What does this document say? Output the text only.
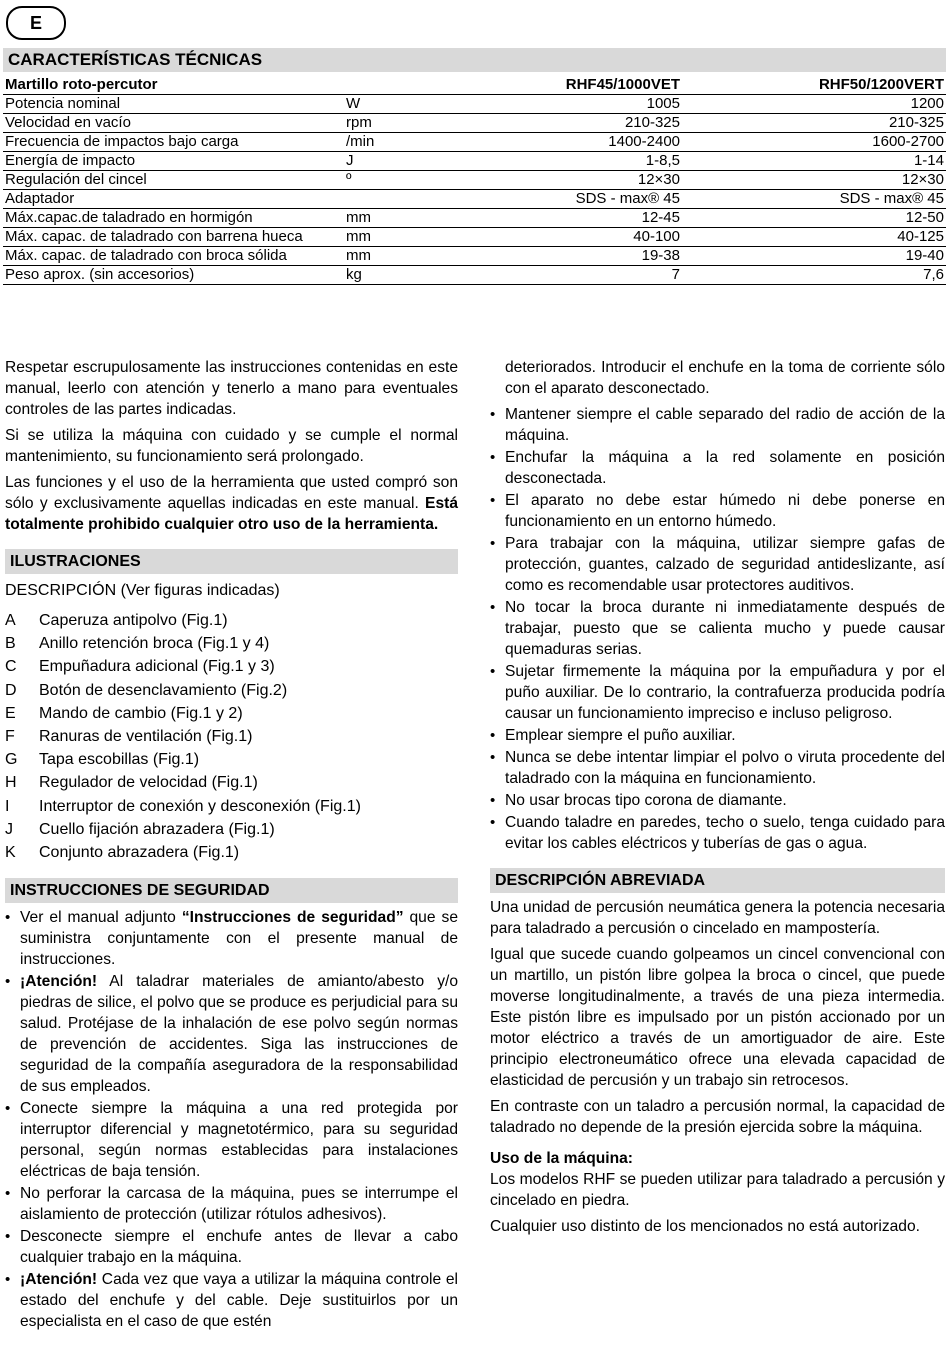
E
CARACTERÍSTICAS TÉCNICAS
Martillo roto-percutor		RHF45/1000VET	RHF50/1200VERT
Potencia nominal	W	1005	1200
Velocidad en vacío	rpm	210-325	210-325
Frecuencia de impactos bajo carga	/min	1400-2400	1600-2700
Energía de impacto	J	1-8,5	1-14
Regulación del cincel	º	12×30	12×30
Adaptador		SDS - max® 45	SDS - max® 45
Máx.capac.de taladrado en hormigón	mm	12-45	12-50
Máx. capac. de taladrado con barrena hueca	mm	40-100	40-125
Máx. capac. de taladrado con broca sólida	mm	19-38	19-40
Peso aprox. (sin accesorios)	kg	7	7,6

Respetar escrupulosamente las instrucciones contenidas en este manual, leerlo con atención y tenerlo a mano para eventuales controles de las partes indicadas.

Si se utiliza la máquina con cuidado y se cumple el normal mantenimiento, su funcionamiento será prolongado.

Las funciones y el uso de la herramienta que usted compró son sólo y exclusivamente aquellas indicadas en este manual. Está totalmente prohibido cualquier otro uso de la herramienta.

ILUSTRACIONES
DESCRIPCIÓN (Ver figuras indicadas)
A	Caperuza antipolvo (Fig.1)
B	Anillo retención broca (Fig.1 y 4)
C	Empuñadura adicional (Fig.1 y 3)
D	Botón de desenclavamiento (Fig.2)
E	Mando de cambio (Fig.1 y 2)
F	Ranuras de ventilación (Fig.1)
G	Tapa escobillas (Fig.1)
H	Regulador de velocidad (Fig.1)
I	Interruptor de conexión y desconexión (Fig.1)
J	Cuello fijación abrazadera (Fig.1)
K	Conjunto abrazadera (Fig.1)
INSTRUCCIONES DE SEGURIDAD
• Ver el manual adjunto “Instrucciones de seguridad” que se suministra conjuntamente con el presente manual de instrucciones.
• ¡Atención! Al taladrar materiales de amianto/abesto y/o piedras de silice, el polvo que se produce es perjudicial para su salud. Protéjase de la inhalación de ese polvo según normas de prevención de accidentes. Siga las instrucciones de seguridad de la compañía aseguradora de la responsabilidad de sus empleados.
• Conecte siempre la máquina a una red protegida por interruptor diferencial y magnetotérmico, para su seguridad personal, según normas establecidas para instalaciones eléctricas de baja tensión.
• No perforar la carcasa de la máquina, pues se interrumpe el aislamiento de protección (utilizar rótulos adhesivos).
• Desconecte siempre el enchufe antes de llevar a cabo cualquier trabajo en la máquina.
• ¡Atención! Cada vez que vaya a utilizar la máquina controle el estado del enchufe y del cable. Deje sustituirlos por un especialista en el caso de que estén

deteriorados. Introducir el enchufe en la toma de corriente sólo con el aparato desconectado.

• Mantener siempre el cable separado del radio de acción de la máquina.
• Enchufar la máquina a la red solamente en posición desconectada.
• El aparato no debe estar húmedo ni debe ponerse en funcionamiento en un entorno húmedo.
• Para trabajar con la máquina, utilizar siempre gafas de protección, guantes, calzado de seguridad antideslizante, así como es recomendable usar protectores auditivos.
• No tocar la broca durante ni inmediatamente después de trabajar, puesto que se calienta mucho y puede causar quemaduras serias.
• Sujetar firmemente la máquina por la empuñadura y por el puño auxiliar. De lo contrario, la contrafuerza producida podría causar un funcionamiento impreciso e incluso peligroso.
• Emplear siempre el puño auxiliar.
• Nunca se debe intentar limpiar el polvo o viruta procedente del taladrado con la máquina en funcionamiento.
• No usar brocas tipo corona de diamante.
• Cuando taladre en paredes, techo o suelo, tenga cuidado para evitar los cables eléctricos y tuberías de gas o agua.
DESCRIPCIÓN ABREVIADA

Una unidad de percusión neumática genera la potencia necesaria para taladrado a percusión o cincelado en mampostería.

Igual que sucede cuando golpeamos un cincel convencional con un martillo, un pistón libre golpea la broca o cincel, que puede moverse longitudinalmente, a través de una pieza intermedia. Este pistón libre es impulsado por un pistón accionado por un motor eléctrico a través de un amortiguador de aire. Este principio electroneumático ofrece una elevada capacidad de elasticidad de percusión y un trabajo sin retrocesos.

En contraste con un taladro a percusión normal, la capacidad de taladrado no depende de la presión ejercida sobre la máquina.

Uso de la máquina:

Los modelos RHF se pueden utilizar para taladrado a percusión y cincelado en piedra.

Cualquier uso distinto de los mencionados no está autorizado.
